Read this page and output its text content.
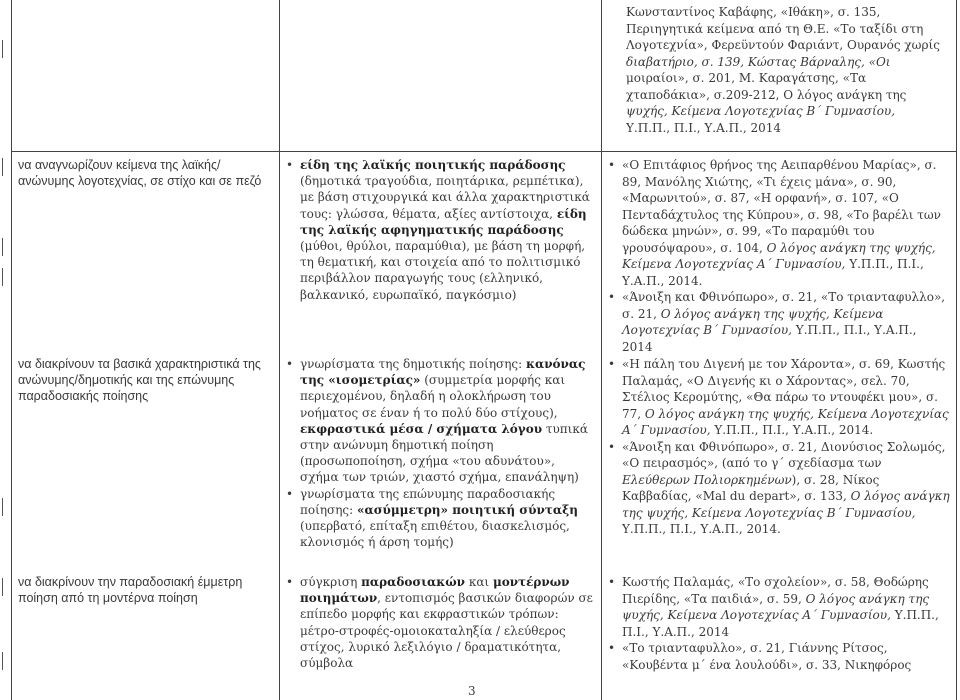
Κωνσταντίνος Καβάφης, «Ιθάκη», σ. 135,

Περιηγητικά κείμενα από τη Θ.Ε. «Το ταξίδι στη

Λογοτεχνία», Φερεϋντούν Φαριάντ, Ουρανός χωρίς

διαβατήριο, σ. 139, Κώστας Βάρναλης, «Οι

μοιραίοι», σ. 201, Μ. Καραγάτσης, «Τα

χταποδάκια», σ.209-212, Ο λόγος ανάγκη της

ψυχής, Κείμενα Λογοτεχνίας Β΄ Γυμνασίου,

Υ.Π.Π., Π.Ι., Υ.Α.Π., 2014

να αναγνωρίζουν κείμενα της λαϊκής/ανώνυμης λογοτεχνίας, σε στίχο και σε πεζό
• είδη της λαϊκής ποιητικής παράδοσης (δημοτικά τραγούδια, ποιητάρικα, ρεμπέτικα), με βάση στιχουργικά και άλλα χαρακτηριστικά τους: γλώσσα, θέματα, αξίες αντίστοιχα, είδη της λαϊκής αφηγηματικής παράδοσης (μύθοι, θρύλοι, παραμύθια), με βάση τη μορφή, τη θεματική, και στοιχεία από το πολιτισμικό περιβάλλον παραγωγής τους (ελληνικό, βαλκανικό, ευρωπαϊκό, παγκόσμιο)
• «Ο Επιτάφιος θρήνος της Αειπαρθένου Μαρίας», σ. 89, Μανόλης Χιώτης, «Τι έχεις μάνα», σ. 90, «Μαρωνιτού», σ. 87, «Η ορφανή», σ. 107, «Ο Πενταδάχτυλος της Κύπρου», σ. 98, «Το βαρέλι των δώδεκα μηνών», σ. 99, «Το παραμύθι του γρουσόψαρου», σ. 104, Ο λόγος ανάγκη της ψυχής, Κείμενα Λογοτεχνίας Α΄ Γυμνασίου, Υ.Π.Π., Π.Ι., Υ.Α.Π., 2014.
• «Άνοιξη και Φθινόπωρο», σ. 21, «Το τριανταφυλλο», σ. 21, Ο λόγος ανάγκη της ψυχής, Κείμενα Λογοτεχνίας Β΄ Γυμνασίου, Υ.Π.Π., Π.Ι., Υ.Α.Π., 2014
να διακρίνουν τα βασικά χαρακτηριστικά της ανώνυμης/δημοτικής και της επώνυμης παραδοσιακής ποίησης
• γνωρίσματα της δημοτικής ποίησης: κανόνας της «ισομετρίας» (συμμετρία μορφής και περιεχομένου, δηλαδή η ολοκλήρωση του νοήματος σε έναν ή το πολύ δύο στίχους), εκφραστικά μέσα / σχήματα λόγου τυπικά στην ανώνυμη δημοτική ποίηση (προσωποποίηση, σχήμα «του αδυνάτου», σχήμα των τριών, χιαστό σχήμα, επανάληψη)
• γνωρίσματα της επώνυμης παραδοσιακής ποίησης: «ασύμμετρη» ποιητική σύνταξη (υπερβατό, επίταξη επιθέτου, διασκελισμός, κλονισμός ή άρση τομής)
• «Η πάλη του Διγενή με τον Χάροντα», σ. 69, Κωστής Παλαμάς, «Ο Διγενής κι ο Χάροντας», σελ. 70, Στέλιος Κερομύτης, «Θα πάρω το ντουφέκι μου», σ. 77, Ο λόγος ανάγκη της ψυχής, Κείμενα Λογοτεχνίας Α΄ Γυμνασίου, Υ.Π.Π., Π.Ι., Υ.Α.Π., 2014.
• «Άνοιξη και Φθινόπωρο», σ. 21, Διονύσιος Σολωμός, «Ο πειρασμός», (από το γ΄ σχεδίασμα των Ελεύθερων Πολιορκημένων), σ. 28, Νίκος Καββαδίας, «Mal du depart», σ. 133, Ο λόγος ανάγκη της ψυχής, Κείμενα Λογοτεχνίας Β΄ Γυμνασίου, Υ.Π.Π., Π.Ι., Υ.Α.Π., 2014.
να διακρίνουν την παραδοσιακή έμμετρη ποίηση από τη μοντέρνα ποίηση
• σύγκριση παραδοσιακών και μοντέρνων ποιημάτων, εντοπισμός βασικών διαφορών σε επίπεδο μορφής και εκφραστικών τρόπων: μέτρο-στροφές-ομοιοκαταληξία / ελεύθερος στίχος, λυρικό λεξιλόγιο / δραματικότητα, σύμβολα
• Κωστής Παλαμάς, «Το σχολείον», σ. 58, Θοδώρης Πιερίδης, «Τα παιδιά», σ. 59, Ο λόγος ανάγκη της ψυχής, Κείμενα Λογοτεχνίας Α΄ Γυμνασίου, Υ.Π.Π., Π.Ι., Υ.Α.Π., 2014
• «Το τριανταφυλλο», σ. 21, Γιάννης Ρίτσος, «Κουβέντα μ΄ ένα λουλούδι», σ. 33, Νικηφόρος
3
